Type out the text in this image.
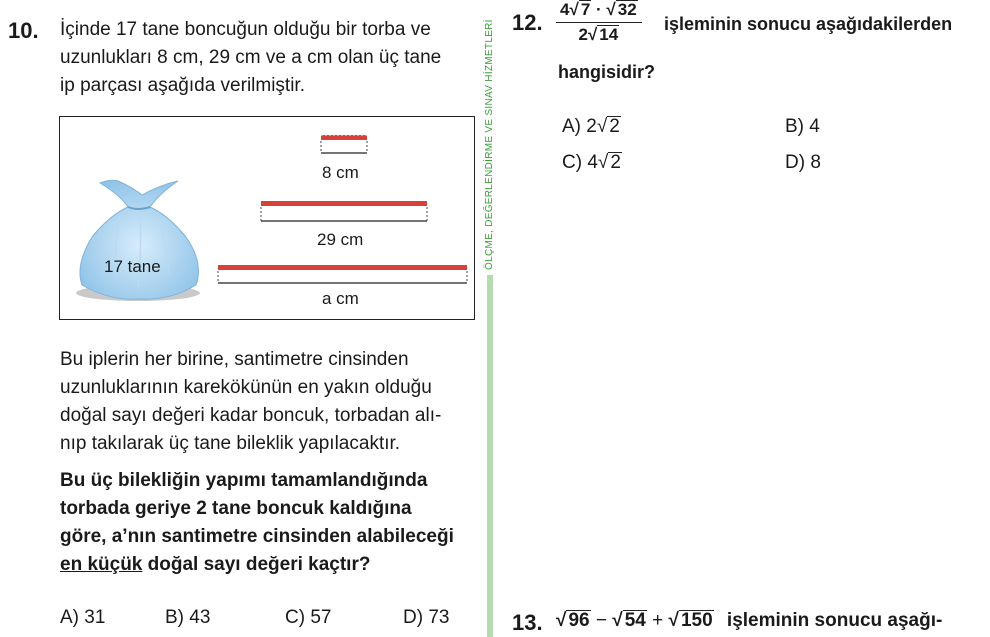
10. İçinde 17 tane boncuğun olduğu bir torba ve
uzunlukları 8 cm, 29 cm ve a cm olan üç tane
ip parçası aşağıda verilmiştir.
17 tane
8 cm
29 cm
a cm
Bu iplerin her birine, santimetre cinsinden
uzunluklarının karekökünün en yakın olduğu
doğal sayı değeri kadar boncuk, torbadan alı-
nıp takılarak üç tane bileklik yapılacaktır.
Bu üç bilekliğin yapımı tamamlandığında
torbada geriye 2 tane boncuk kaldığına
göre, a’nın santimetre cinsinden alabileceği
en küçük doğal sayı değeri kaçtır?
A) 31	B) 43	C) 57	D) 73
ÖLÇME, DEĞERLENDİRME VE SINAV HİZMETLERİ 12. $\frac{4√ 7 \cdot √ 32}{2√ 14}$ işleminin sonucu aşağıdakilerden
hangisidir?
A) 2√ 2	B) 4
C) 4√ 2	D) 8
13. √ 96 − √ 54 + √ 150 işleminin sonucu aşağı-
